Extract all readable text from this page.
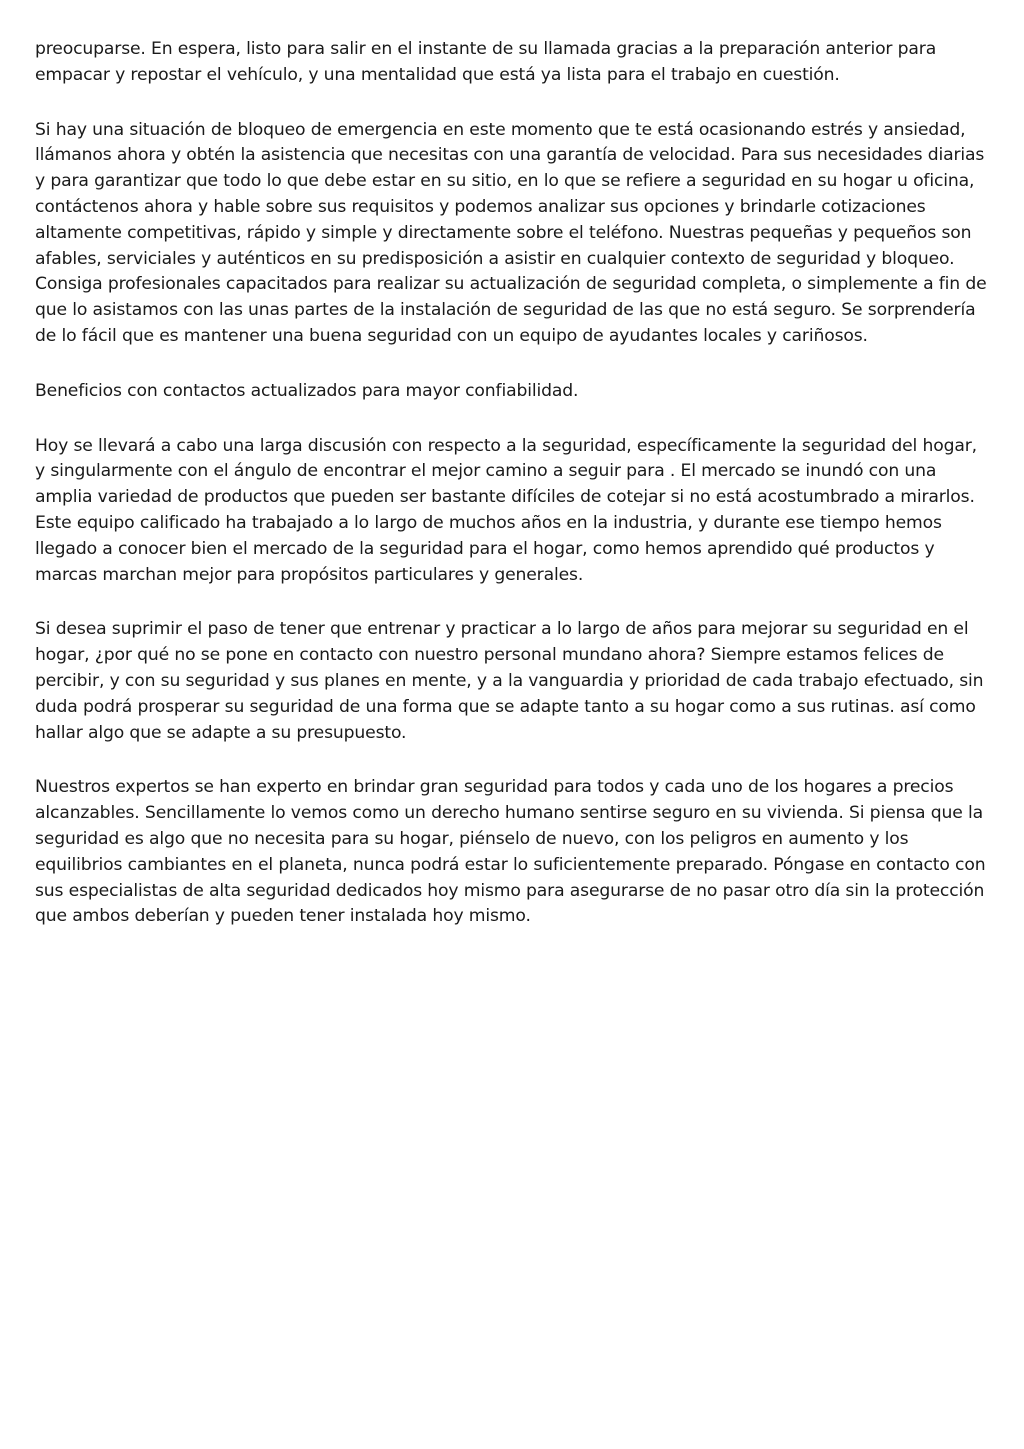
preocuparse. En espera, listo para salir en el instante de su llamada gracias a la preparación anterior para empacar y repostar el vehículo, y una mentalidad que está ya lista para el trabajo en cuestión.

Si hay una situación de bloqueo de emergencia en este momento que te está ocasionando estrés y ansiedad, llámanos ahora y obtén la asistencia que necesitas con una garantía de velocidad. Para sus necesidades diarias y para garantizar que todo lo que debe estar en su sitio, en lo que se refiere a seguridad en su hogar u oficina, contáctenos ahora y hable sobre sus requisitos y podemos analizar sus opciones y brindarle cotizaciones altamente competitivas, rápido y simple y directamente sobre el teléfono. Nuestras pequeñas y pequeños son afables, serviciales y auténticos en su predisposición a asistir en cualquier contexto de seguridad y bloqueo. Consiga profesionales capacitados para realizar su actualización de seguridad completa, o simplemente a fin de que lo asistamos con las unas partes de la instalación de seguridad de las que no está seguro. Se sorprendería de lo fácil que es mantener una buena seguridad con un equipo de ayudantes locales y cariñosos.

Beneficios con contactos actualizados para mayor confiabilidad.

Hoy se llevará a cabo una larga discusión con respecto a la seguridad, específicamente la seguridad del hogar, y singularmente con el ángulo de encontrar el mejor camino a seguir para . El mercado se inundó con una amplia variedad de productos que pueden ser bastante difíciles de cotejar si no está acostumbrado a mirarlos. Este equipo calificado ha trabajado a lo largo de muchos años en la industria, y durante ese tiempo hemos llegado a conocer bien el mercado de la seguridad para el hogar, como hemos aprendido qué productos y marcas marchan mejor para propósitos particulares y generales.

Si desea suprimir el paso de tener que entrenar y practicar a lo largo de años para mejorar su seguridad en el hogar, ¿por qué no se pone en contacto con nuestro personal mundano ahora? Siempre estamos felices de percibir, y con su seguridad y sus planes en mente, y a la vanguardia y prioridad de cada trabajo efectuado, sin duda podrá prosperar su seguridad de una forma que se adapte tanto a su hogar como a sus rutinas. así como hallar algo que se adapte a su presupuesto.

Nuestros expertos se han experto en brindar gran seguridad para todos y cada uno de los hogares a precios alcanzables. Sencillamente lo vemos como un derecho humano sentirse seguro en su vivienda. Si piensa que la seguridad es algo que no necesita para su hogar, piénselo de nuevo, con los peligros en aumento y los equilibrios cambiantes en el planeta, nunca podrá estar lo suficientemente preparado. Póngase en contacto con sus especialistas de alta seguridad dedicados hoy mismo para asegurarse de no pasar otro día sin la protección que ambos deberían y pueden tener instalada hoy mismo.
